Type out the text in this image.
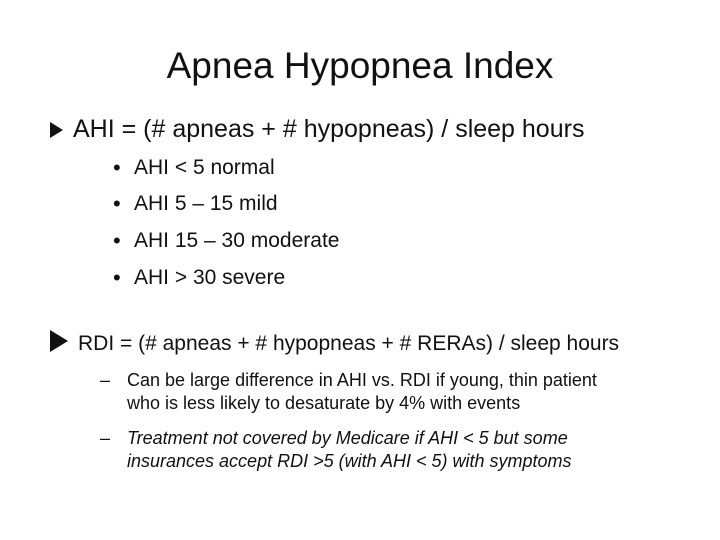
Apnea Hypopnea Index
AHI = (# apneas + # hypopneas) / sleep hours
• AHI < 5 normal
• AHI 5 – 15 mild
• AHI 15 – 30 moderate
• AHI > 30 severe
RDI = (# apneas + # hypopneas + # RERAs) / sleep hours
– Can be large difference in AHI vs. RDI if young, thin patient
who is less likely to desaturate by 4% with events
– Treatment not covered by Medicare if AHI < 5 but some
insurances accept RDI >5 (with AHI < 5) with symptoms
